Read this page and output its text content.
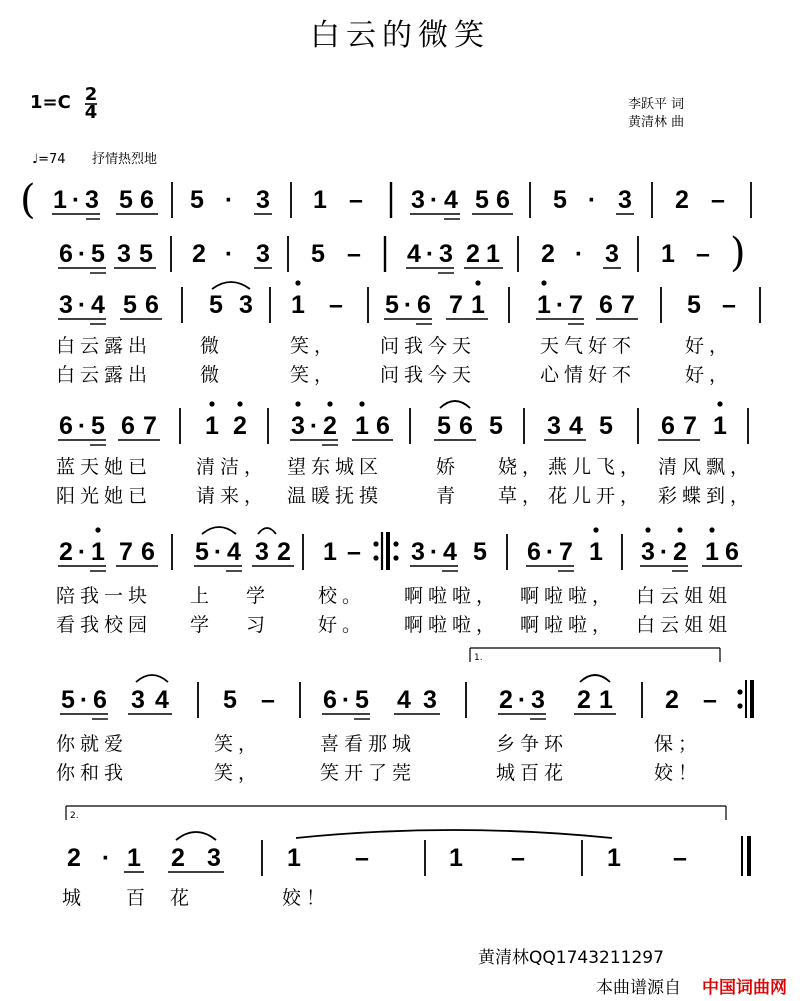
白云的微笑
1=C 2
4	李跃平 词
黄清林 曲
♩=74 抒情热烈地
( 1 · 3 5 6 5 · 3 1 – 3 · 4 5 6 5 · 3 2 –
6 · 5 3 5 2 · 3 5 – 4 · 3 2 1 2 · 3 1 – )
3 · 4 5 6 5 3 1 – 5 · 6 7 1 1 · 7 6 7 5 –
6 · 5 6 7 1 2 3 · 2 1 6 5 6 5 3 4 5 6 7 1
2 · 1 7 6 5 · 4 3 2 1 – 3 · 4 5 6 · 7 1 3 · 2 1 6
5 · 6 3 4 5 – 6 · 5 4 3 2 · 3 2 1 2 –
1.
2 · 1 2 3	1 –	1 –	1 –
2.
白云露出	微	笑， 问我今天	天气好不	好，
白云露出	微	笑， 问我今天	心情好不	好，
蓝天她已 清洁， 望东城区	娇 娆， 燕儿飞， 清风飘，
阳光她已 请来， 温暖抚摸	青 草， 花儿开， 彩蝶到，
陪我一块 上 学	校。 啊啦啦， 啊啦啦， 白云姐姐
看我校园 学 习	好。 啊啦啦， 啊啦啦， 白云姐姐
你就爱	笑，	喜看那城	乡争环	保；
你和我	笑，	笑开了莞	城百花	姣！
城 百 花	姣！
黄清林QQ1743211297
本曲谱源自 中国词曲网
